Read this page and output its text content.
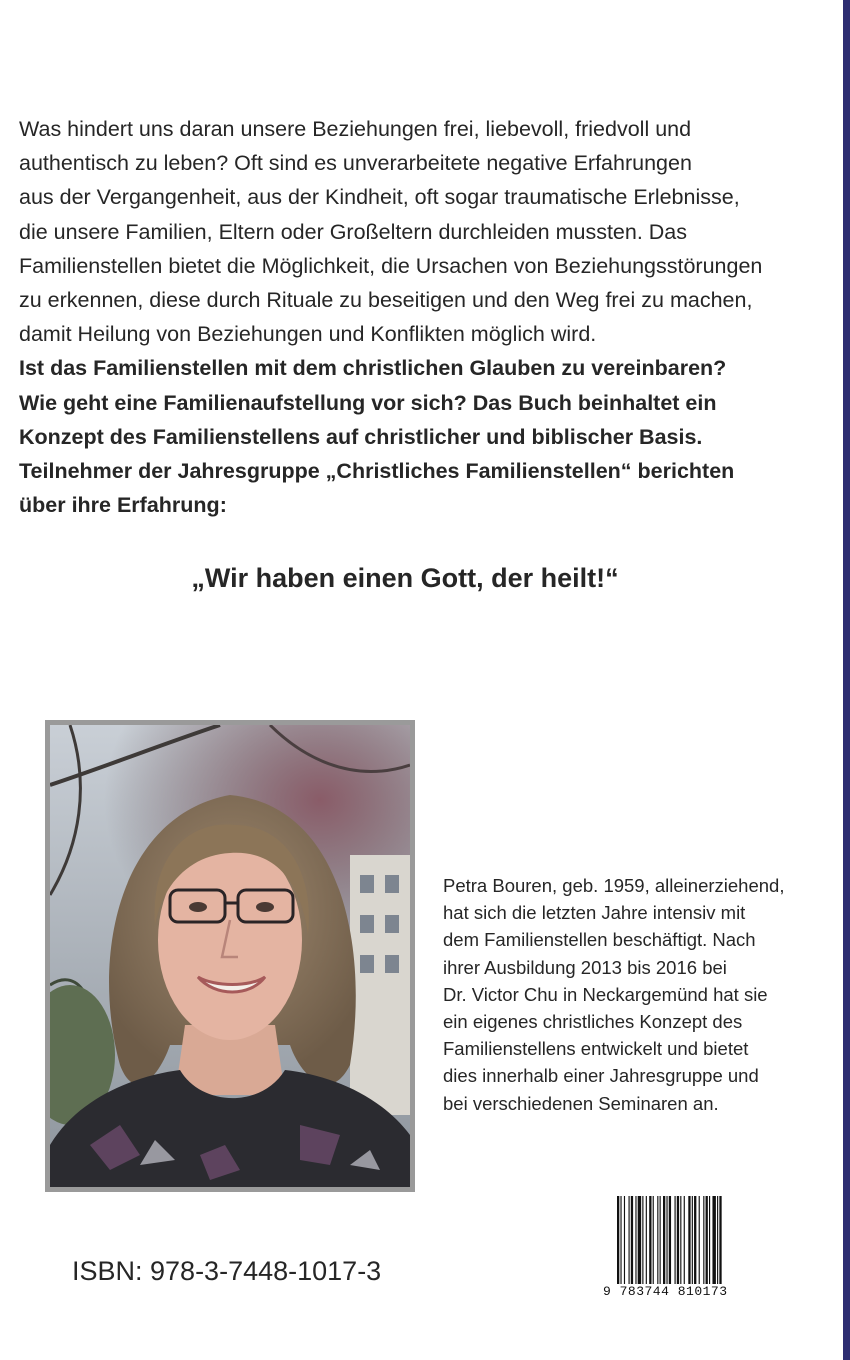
Was hindert uns daran unsere Beziehungen frei, liebevoll, friedvoll und
authentisch zu leben? Oft sind es unverarbeitete negative Erfahrungen
aus der Vergangenheit, aus der Kindheit, oft sogar traumatische Erlebnisse,
die unsere Familien, Eltern oder Großeltern durchleiden mussten. Das
Familienstellen bietet die Möglichkeit, die Ursachen von Beziehungsstörungen
zu erkennen, diese durch Rituale zu beseitigen und den Weg frei zu machen,
damit Heilung von Beziehungen und Konflikten möglich wird.

Ist das Familienstellen mit dem christlichen Glauben zu vereinbaren?
Wie geht eine Familienaufstellung vor sich? Das Buch beinhaltet ein
Konzept des Familienstellens auf christlicher und biblischer Basis.
Teilnehmer der Jahresgruppe „Christliches Familienstellen“ berichten
über ihre Erfahrung:

„Wir haben einen Gott, der heilt!“
Petra Bouren, geb. 1959, alleinerziehend,
hat sich die letzten Jahre intensiv mit
dem Familienstellen beschäftigt. Nach
ihrer Ausbildung 2013 bis 2016 bei
Dr. Victor Chu in Neckargemünd hat sie
ein eigenes christliches Konzept des
Familienstellens entwickelt und bietet
dies innerhalb einer Jahresgruppe und
bei verschiedenen Seminaren an.
ISBN: 978-3-7448-1017-3
9 783744 810173
